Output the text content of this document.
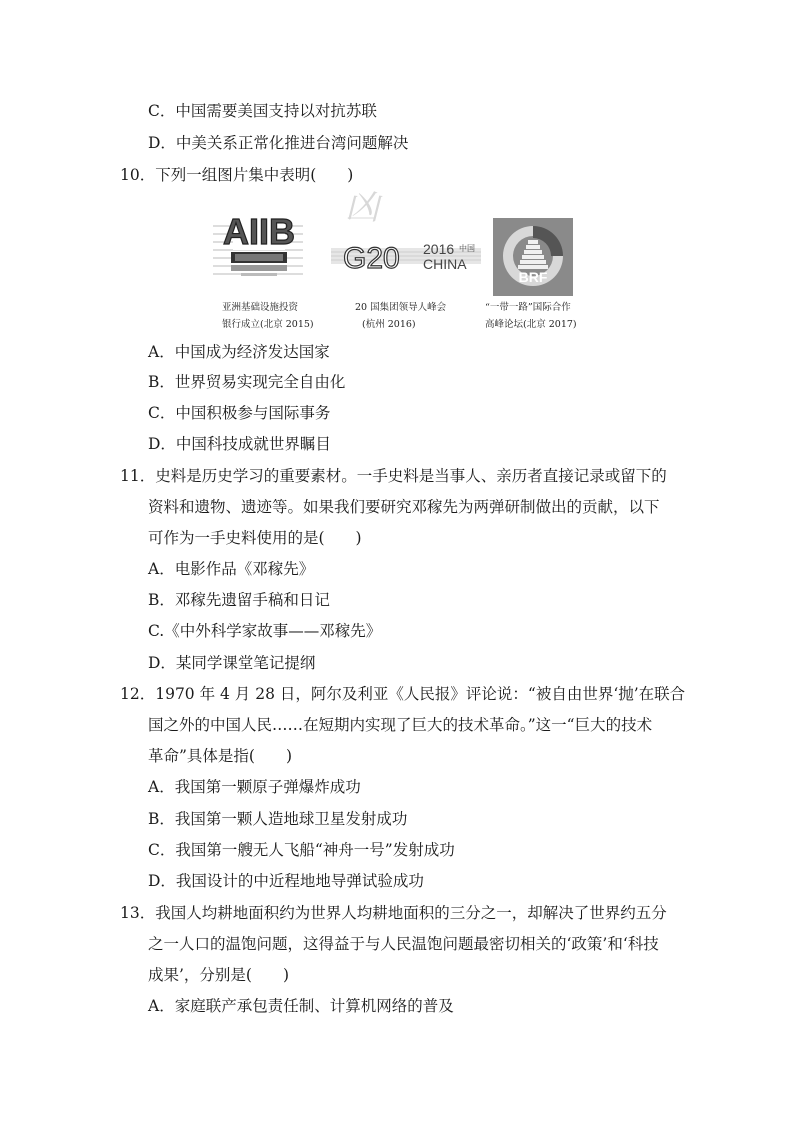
C．中国需要美国支持以对抗苏联
D．中美关系正常化推进台湾问题解决
10．下列一组图片集中表明(　　)
凶
AIIB
亚洲基础设施投资
银行成立(北京 2015)
G20 2016 中国
CHINA
20 国集团领导人峰会
(杭州 2016)
BRF
“一带一路”国际合作
高峰论坛(北京 2017)
A．中国成为经济发达国家
B．世界贸易实现完全自由化
C．中国积极参与国际事务
D．中国科技成就世界瞩目
11．史料是历史学习的重要素材。一手史料是当事人、亲历者直接记录或留下的
资料和遗物、遗迹等。如果我们要研究邓稼先为两弹研制做出的贡献，以下
可作为一手史料使用的是(　　)
A．电影作品《邓稼先》
B．邓稼先遗留手稿和日记
C.《中外科学家故事——邓稼先》
D．某同学课堂笔记提纲
12．1970 年 4 月 28 日，阿尔及利亚《人民报》评论说：“被自由世界‘抛’在联合
国之外的中国人民……在短期内实现了巨大的技术革命。”这一“巨大的技术
革命”具体是指(　　)
A．我国第一颗原子弹爆炸成功
B．我国第一颗人造地球卫星发射成功
C．我国第一艘无人飞船“神舟一号”发射成功
D．我国设计的中近程地地导弹试验成功
13．我国人均耕地面积约为世界人均耕地面积的三分之一，却解决了世界约五分
之一人口的温饱问题，这得益于与人民温饱问题最密切相关的‘政策’和‘科技
成果’，分别是(　　)
A．家庭联产承包责任制、计算机网络的普及
